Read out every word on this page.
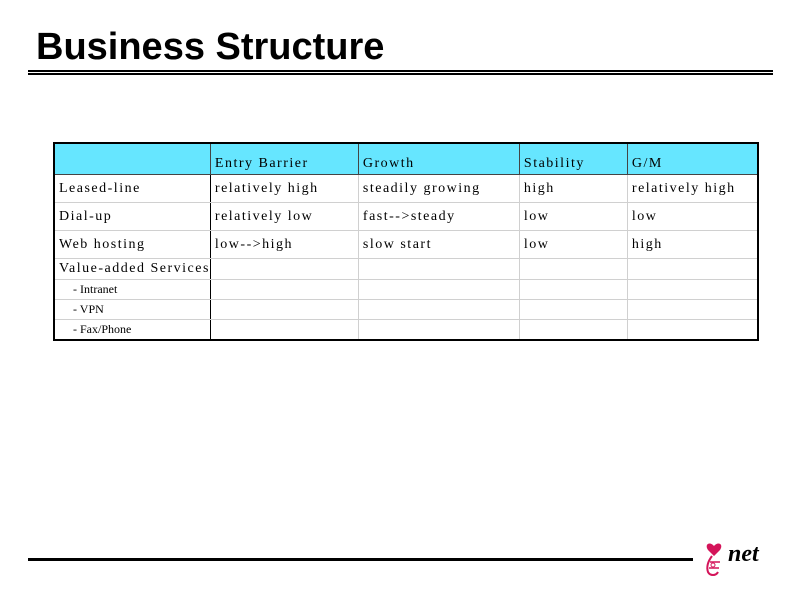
Business Structure
	Entry Barrier	Growth	Stability	G/M
Leased-line	relatively high	steadily growing	high	relatively high
Dial-up	relatively low	fast-->steady	low	low
Web hosting	low-->high	slow start	low	high
Value-added Services				
- Intranet				
- VPN				
- Fax/Phone				
net
